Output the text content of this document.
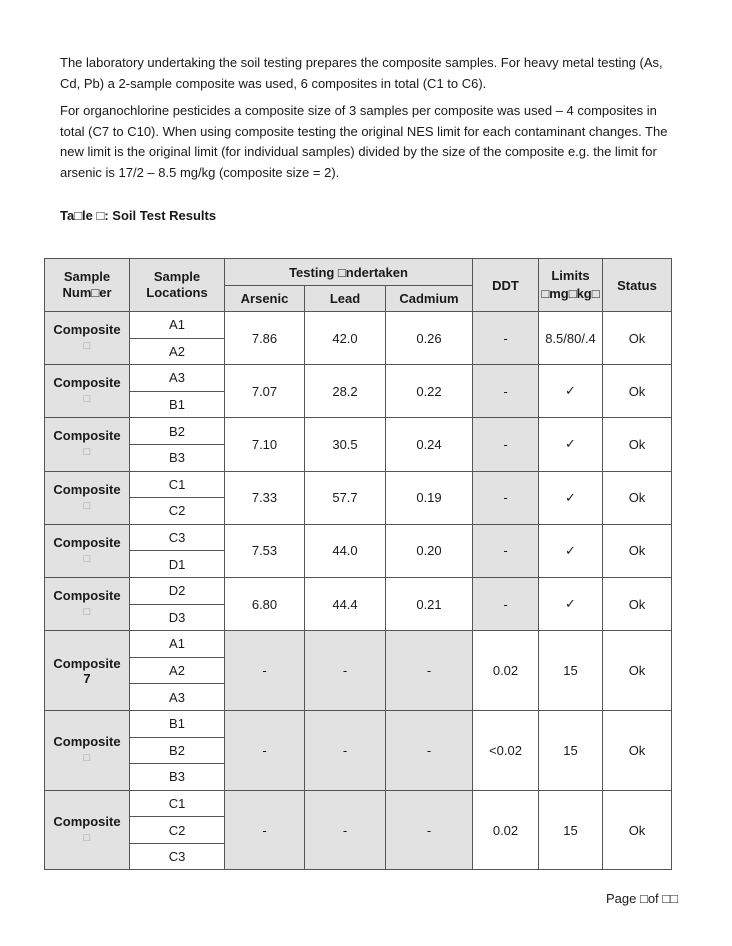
The laboratory undertaking the soil testing prepares the composite samples. For heavy metal testing (As, Cd, Pb) a 2-sample composite was used, 6 composites in total (C1 to C6).

For organochlorine pesticides a composite size of 3 samples per composite was used – 4 composites in total (C7 to C10). When using composite testing the original NES limit for each contaminant changes. The new limit is the original limit (for individual samples) divided by the size of the composite e.g. the limit for arsenic is 17/2 – 8.5 mg/kg (composite size = 2).

Ta□le □: Soil Test Results

Sample Num□er	Sample Locations	Testing □ndertaken			DDT	Limits
□mg□kg□	Status
		Arsenic	Lead	Cadmium			
Composite
□	A1	7.86	42.0	0.26	-	8.5/80/.4	Ok
	A2						
Composite
□	A3	7.07	28.2	0.22	-	✓	Ok
	B1						
Composite
□	B2	7.10	30.5	0.24	-	✓	Ok
	B3						
Composite
□	C1	7.33	57.7	0.19	-	✓	Ok
	C2						
Composite
□	C3	7.53	44.0	0.20	-	✓	Ok
	D1						
Composite
□	D2	6.80	44.4	0.21	-	✓	Ok
	D3						
Composite
7	A1	-	-	-	0.02	15	Ok
	A2						
	A3						
Composite
□	B1	-	-	-	<0.02	15	Ok
	B2						
	B3						
Composite
□	C1	-	-	-	0.02	15	Ok
	C2						
	C3						

Page □of □□
